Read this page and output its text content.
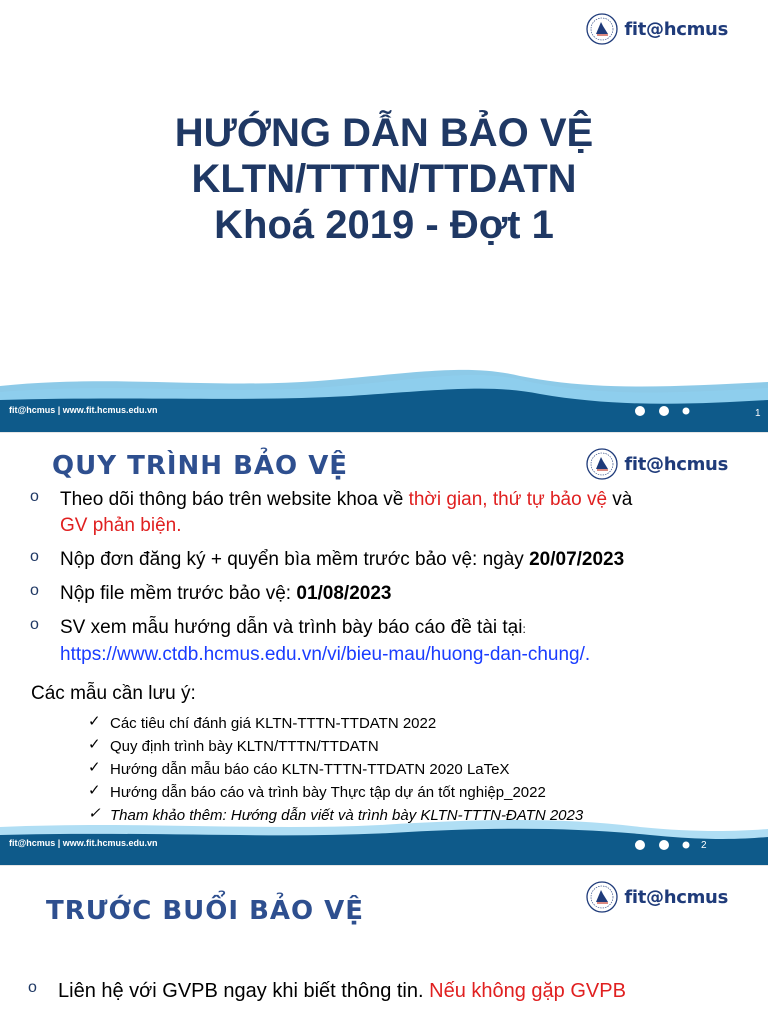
fit@hcmus
HƯỚNG DẪN BẢO VỆ
KLTN/TTTN/TTDATN
Khoá 2019 - Đợt 1
fit@hcmus | www.fit.hcmus.edu.vn	1
QUY TRÌNH BẢO VỆ	fit@hcmus
o Theo dõi thông báo trên website khoa về thời gian, thứ tự bảo vệ và
GV phản biện.
o Nộp đơn đăng ký + quyển bìa mềm trước bảo vệ: ngày 20/07/2023
o Nộp file mềm trước bảo vệ: 01/08/2023
o SV xem mẫu hướng dẫn và trình bày báo cáo đề tài tại:
https://www.ctdb.hcmus.edu.vn/vi/bieu-mau/huong-dan-chung/.
Các mẫu cần lưu ý:
✓ Các tiêu chí đánh giá KLTN-TTTN-TTDATN 2022
✓ Quy định trình bày KLTN/TTTN/TTDATN
✓ Hướng dẫn mẫu báo cáo KLTN-TTTN-TTDATN 2020 LaTeX
✓ Hướng dẫn báo cáo và trình bày Thực tập dự án tốt nghiệp_2022
✓ Tham khảo thêm: Hướng dẫn viết và trình bày KLTN-TTTN-ĐATN 2023
fit@hcmus | www.fit.hcmus.edu.vn	2
TRƯỚC BUỔI BẢO VỆ	fit@hcmus
o Liên hệ với GVPB ngay khi biết thông tin. Nếu không gặp GVPB
